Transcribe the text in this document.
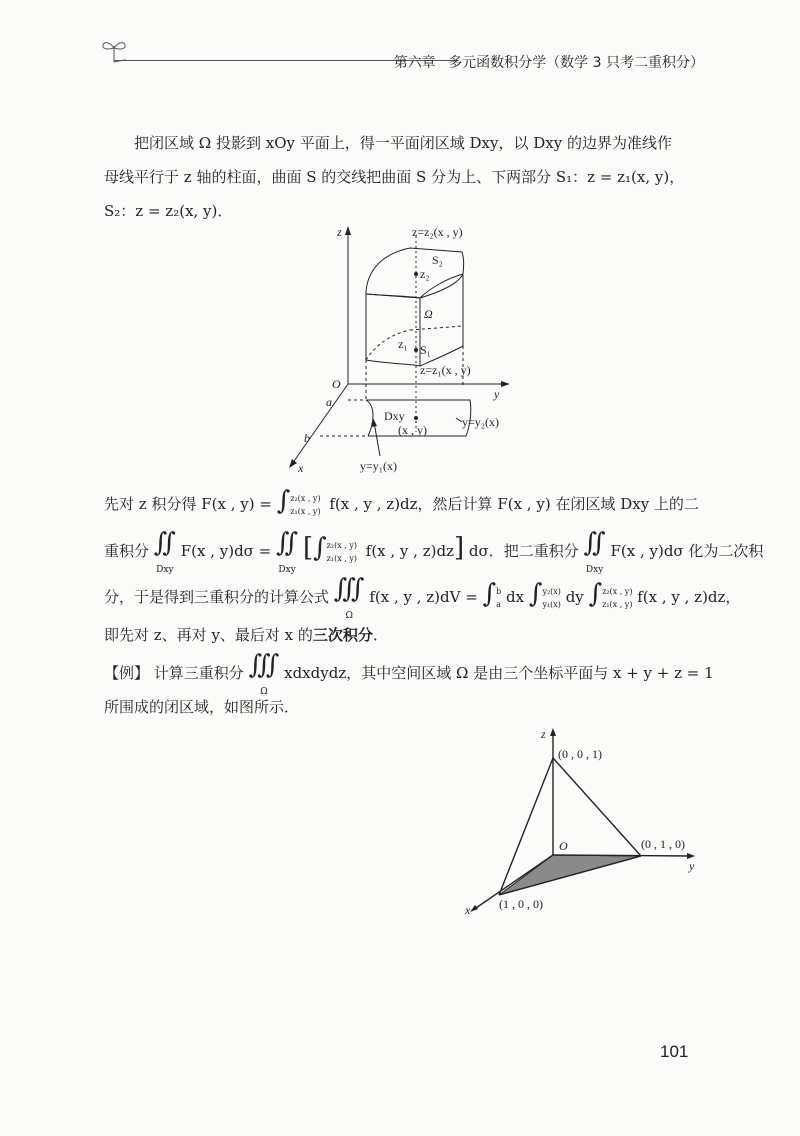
第六章 多元函数积分学（数学 3 只考二重积分）
把闭区域 Ω 投影到 xOy 平面上，得一平面闭区域 Dxy，以 Dxy 的边界为准线作
母线平行于 z 轴的柱面，曲面 S 的交线把曲面 S 分为上、下两部分 S₁：z = z₁(x, y)，
S₂：z = z₂(x, y)．
z
y
x
O
a
b
z=z₂(x , y)
S₂
z₂
Ω
z₁ S₁
z=z₁(x , y)
Dxy
(x , y)
y=y₂(x)
y=y₁(x)
先对 z 积分得 F(x , y) = ∫z₂(x , y)
z₁(x , y) f(x , y , z)dz，然后计算 F(x , y) 在闭区域 Dxy 上的二
重积分 ∬
Dxy F(x , y)dσ = ∬
Dxy [∫z₂(x , y)
z₁(x , y) f(x , y , z)dz] dσ．把二重积分 ∬
Dxy F(x , y)dσ 化为二次积
分，于是得到三重积分的计算公式 ∭
Ω f(x , y , z)dV = ∫b
a dx ∫y₂(x)
y₁(x) dy ∫z₂(x , y)
z₁(x , y) f(x , y , z)dz，
即先对 z、再对 y、最后对 x 的三次积分．
【例】 计算三重积分 ∭
Ω xdxdydz，其中空间区域 Ω 是由三个坐标平面与 x + y + z = 1
所围成的闭区域，如图所示．
z
y
x
O
(0 , 0 , 1)
(0 , 1 , 0)
(1 , 0 , 0)
101
